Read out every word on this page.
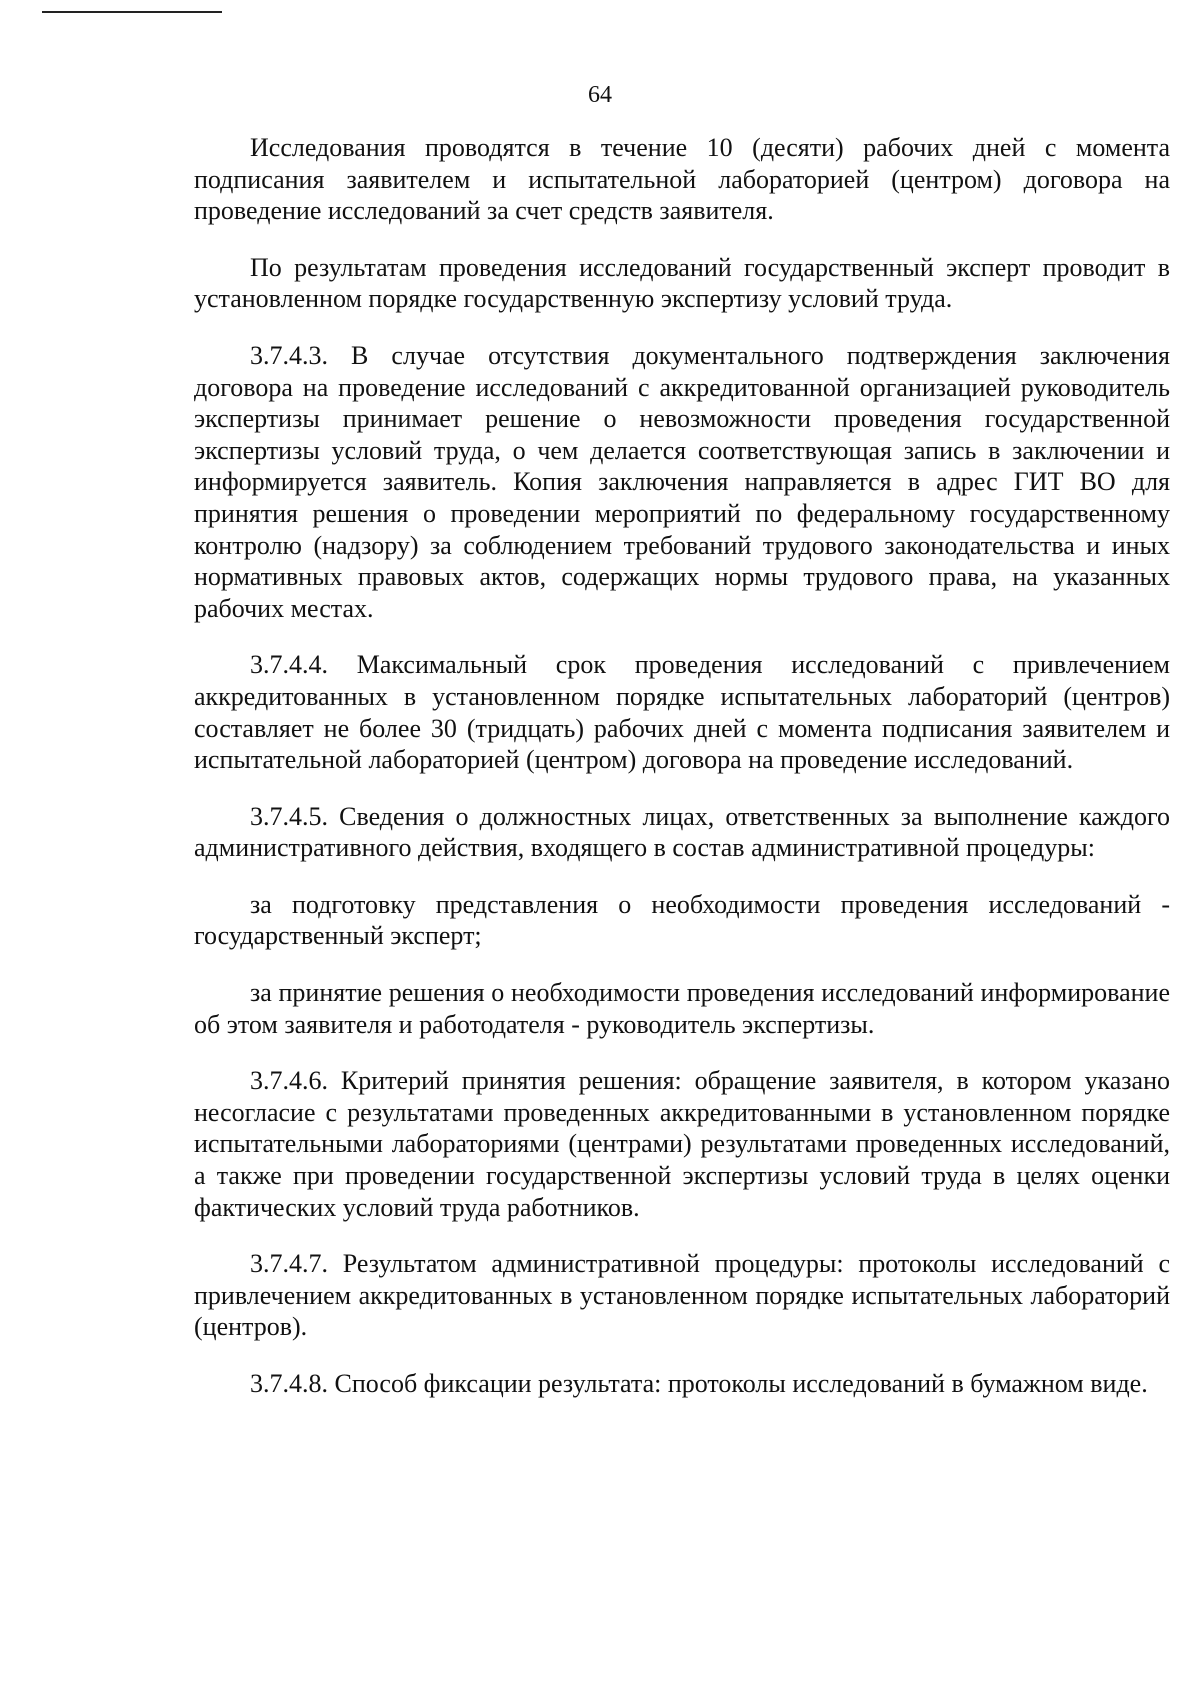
64

Исследования проводятся в течение 10 (десяти) рабочих дней с момента подписания заявителем и испытательной лабораторией (центром) договора на проведение исследований за счет средств заявителя.

По результатам проведения исследований государственный эксперт проводит в установленном порядке государственную экспертизу условий труда.

3.7.4.3. В случае отсутствия документального подтверждения заключения договора на проведение исследований с аккредитованной организацией руководитель экспертизы принимает решение о невозможности проведения государственной экспертизы условий труда, о чем делается соответствующая запись в заключении и информируется заявитель. Копия заключения направляется в адрес ГИТ ВО для принятия решения о проведении мероприятий по федеральному государственному контролю (надзору) за соблюдением требований трудового законодательства и иных нормативных правовых актов, содержащих нормы трудового права, на указанных рабочих местах.

3.7.4.4. Максимальный срок проведения исследований с привлечением аккредитованных в установленном порядке испытательных лабораторий (центров) составляет не более 30 (тридцать) рабочих дней с момента подписания заявителем и испытательной лабораторией (центром) договора на проведение исследований.

3.7.4.5. Сведения о должностных лицах, ответственных за выполнение каждого административного действия, входящего в состав административной процедуры:

за подготовку представления о необходимости проведения исследований - государственный эксперт;

за принятие решения о необходимости проведения исследований информирование об этом заявителя и работодателя - руководитель экспертизы.

3.7.4.6. Критерий принятия решения: обращение заявителя, в котором указано несогласие с результатами проведенных аккредитованными в установленном порядке испытательными лабораториями (центрами) результатами проведенных исследований, а также при проведении государственной экспертизы условий труда в целях оценки фактических условий труда работников.

3.7.4.7. Результатом административной процедуры: протоколы исследований с привлечением аккредитованных в установленном порядке испытательных лабораторий (центров).

3.7.4.8. Способ фиксации результата: протоколы исследований в бумажном виде.
